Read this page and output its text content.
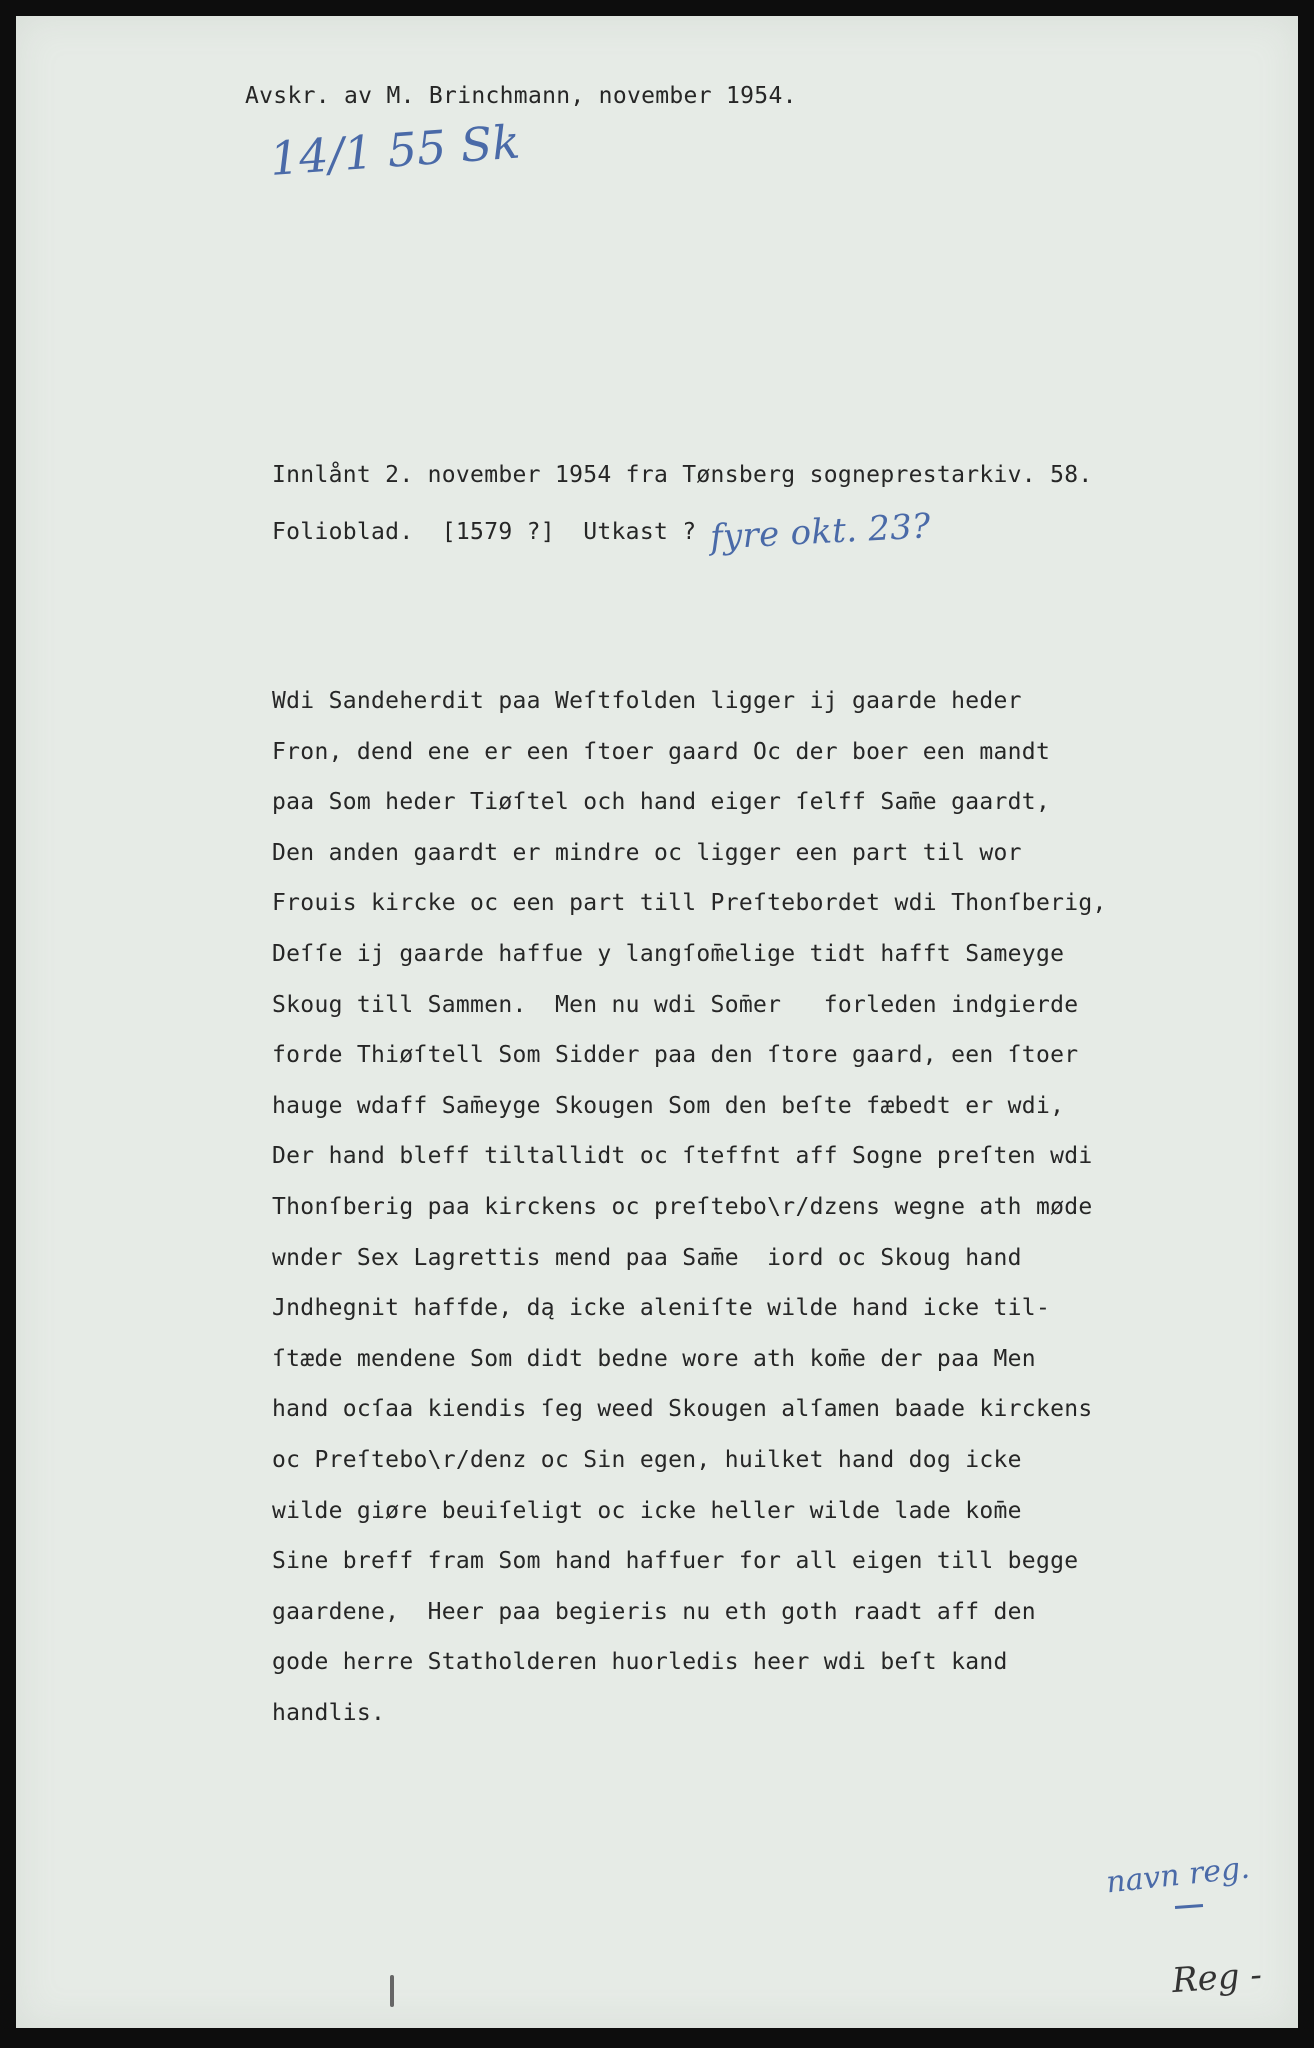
Avskr. av M. Brinchmann, november 1954.
14/1 55 Sk
Innlånt 2. november 1954 fra Tønsberg sogneprestarkiv. 58.
Folioblad.  [1579 ?]  Utkast ? fyre okt. 23?
Wdi Sandeherdit paa Weſtfolden ligger ij gaarde heder
Fron, dend ene er een ſtoer gaard Oc der boer een mandt
paa Som heder Tiøſtel och hand eiger ſelff Sam̄e gaardt,
Den anden gaardt er mindre oc ligger een part til wor
Frouis kircke oc een part till Preſtebordet wdi Thonſberig,
Deſſe ij gaarde haffue y langſom̄elige tidt hafft Sameyge
Skoug till Sammen.  Men nu wdi Som̄er   forleden indgierde
forde Thiøſtell Som Sidder paa den ſtore gaard, een ſtoer
hauge wdaff Sam̄eyge Skougen Som den beſte fæbedt er wdi,
Der hand bleff tiltallidt oc ſteffnt aff Sogne preſten wdi
Thonſberig paa kirckens oc preſtebo\r/dzens wegne ath møde
wnder Sex Lagrettis mend paa Sam̄e  iord oc Skoug hand
Jndhegnit haffde, dą icke aleniſte wilde hand icke til-
ſtæde mendene Som didt bedne wore ath kom̄e der paa Men
hand ocſaa kiendis ſeg weed Skougen alſamen baade kirckens
oc Preſtebo\r/denz oc Sin egen, huilket hand dog icke
wilde giøre beuiſeligt oc icke heller wilde lade kom̄e
Sine breff fram Som hand haffuer for all eigen till begge
gaardene,  Heer paa begieris nu eth goth raadt aff den
gode herre Statholderen huorledis heer wdi beſt kand
handlis.
navn reg.
Reg -
